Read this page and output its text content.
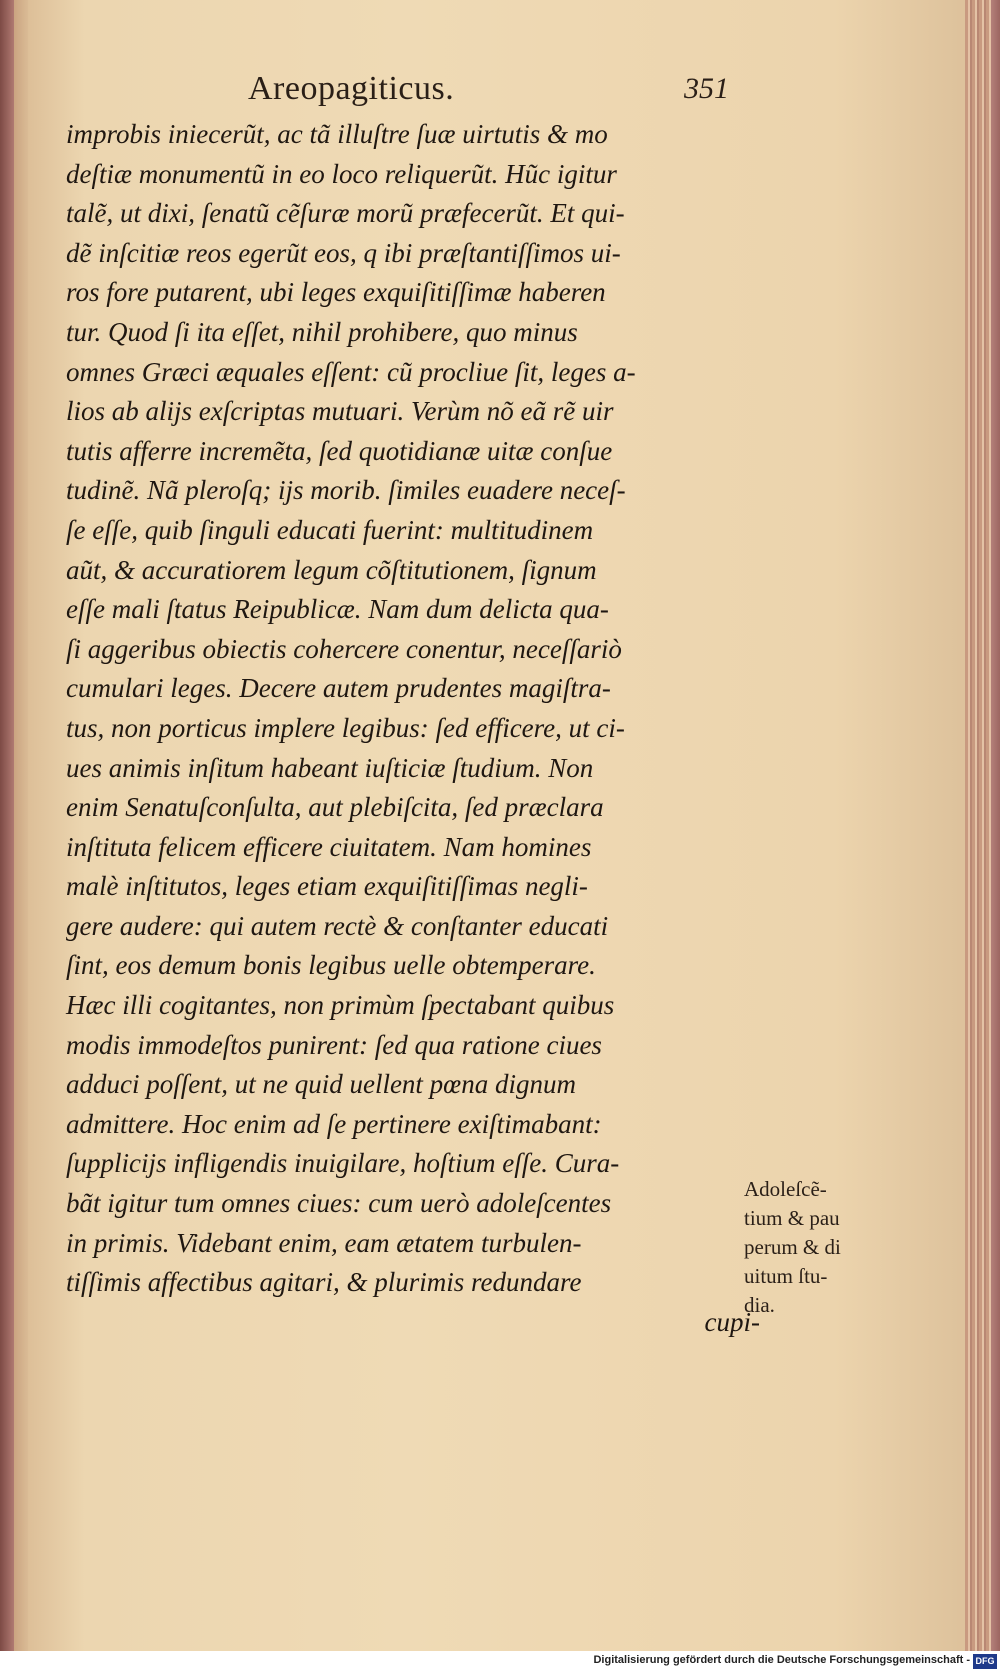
Areopagiticus.	351
improbis iniecerũt, ac tã illuſtre ſuæ uirtutis & mo
deſtiæ monumentũ in eo loco reliquerũt. Hũc igitur
talẽ, ut dixi, ſenatũ cẽſuræ morũ præfecerũt. Et qui-
dẽ inſcitiæ reos egerũt eos, q ibi præſtantiſſimos ui-
ros fore putarent, ubi leges exquiſitiſſimæ haberen
tur. Quod ſi ita eſſet, nihil prohibere, quo minus
omnes Græci æquales eſſent: cũ procliue ſit, leges a-
lios ab alijs exſcriptas mutuari. Verùm nõ eã rẽ uir
tutis afferre incremẽta, ſed quotidianæ uitæ conſue
tudinẽ. Nã pleroſq; ijs morib. ſimiles euadere neceſ-
ſe eſſe, quib ſinguli educati fuerint: multitudinem
aũt, & accuratiorem legum cõſtitutionem, ſignum
eſſe mali ſtatus Reipublicæ. Nam dum delicta qua-
ſi aggeribus obiectis cohercere conentur, neceſſariò
cumulari leges. Decere autem prudentes magiſtra-
tus, non porticus implere legibus: ſed efficere, ut ci-
ues animis inſitum habeant iuſticiæ ſtudium. Non
enim Senatuſconſulta, aut plebiſcita, ſed præclara
inſtituta felicem efficere ciuitatem. Nam homines
malè inſtitutos, leges etiam exquiſitiſſimas negli-
gere audere: qui autem rectè & conſtanter educati
ſint, eos demum bonis legibus uelle obtemperare.
Hæc illi cogitantes, non primùm ſpectabant quibus
modis immodeſtos punirent: ſed qua ratione ciues
adduci poſſent, ut ne quid uellent pœna dignum
admittere. Hoc enim ad ſe pertinere exiſtimabant:
ſupplicijs infligendis inuigilare, hoſtium eſſe. Cura-
bãt igitur tum omnes ciues: cum uerò adoleſcentes
in primis. Videbant enim, eam ætatem turbulen-
tiſſimis affectibus agitari, & plurimis redundare
cupi-
Adoleſcẽ-
tium & pau
perum & di
uitum ſtu-
dia.
Digitalisierung gefördert durch die Deutsche Forschungsgemeinschaft - DFG
